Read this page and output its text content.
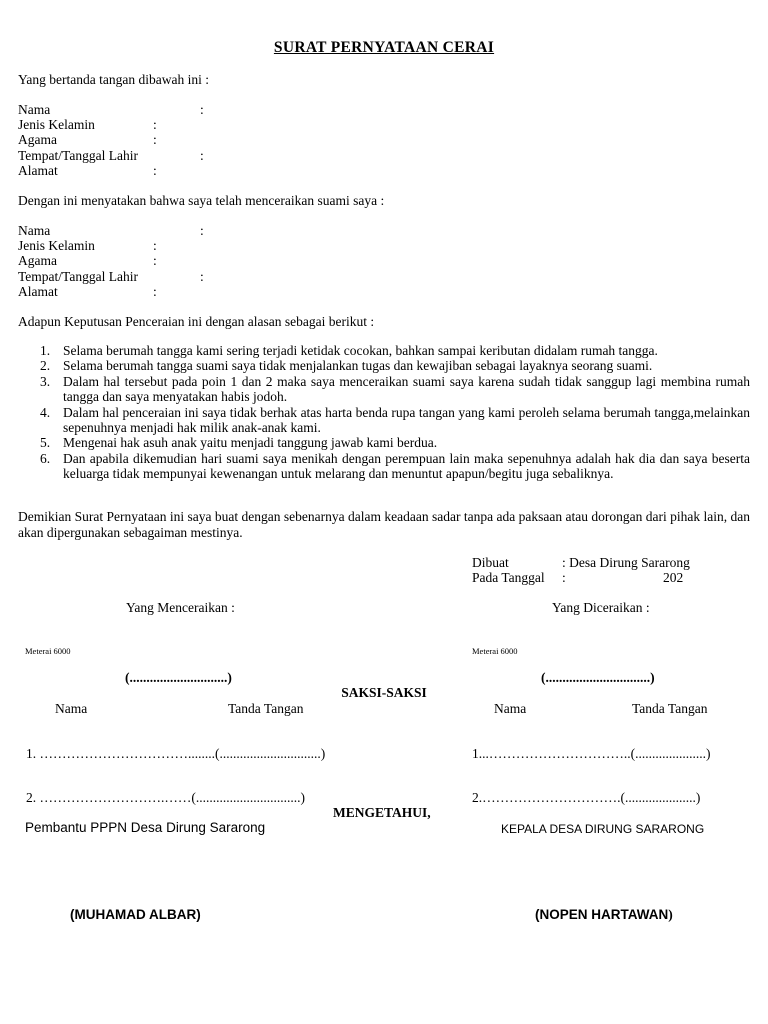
SURAT PERNYATAAN CERAI
Yang bertanda tangan dibawah ini :
Nama	:
Jenis Kelamin	:
Agama	:
Tempat/Tanggal Lahir	:
Alamat	:
Dengan ini menyatakan bahwa saya telah menceraikan suami saya :
Nama	:
Jenis Kelamin	:
Agama	:
Tempat/Tanggal Lahir	:
Alamat	:
Adapun Keputusan Penceraian ini dengan alasan sebagai berikut :
1. Selama berumah tangga kami sering terjadi ketidak cocokan, bahkan sampai keributan didalam rumah tangga.
2. Selama berumah tangga suami saya tidak menjalankan tugas dan kewajiban sebagai layaknya seorang suami.
3. Dalam hal tersebut pada poin 1 dan 2 maka saya menceraikan suami saya karena sudah tidak sanggup lagi membina rumah tangga dan saya menyatakan habis jodoh.
4. Dalam hal penceraian ini saya tidak berhak atas harta benda rupa tangan yang kami peroleh selama berumah tangga,melainkan sepenuhnya menjadi hak milik anak-anak kami.
5. Mengenai hak asuh anak yaitu menjadi tanggung jawab kami berdua.
6. Dan apabila dikemudian hari suami saya menikah dengan perempuan lain maka sepenuhnya adalah hak dia dan saya beserta keluarga tidak mempunyai kewenangan untuk melarang dan menuntut apapun/begitu juga sebaliknya.
Demikian Surat Pernyataan ini saya buat dengan sebenarnya dalam keadaan sadar tanpa ada paksaan atau dorongan dari pihak lain, dan akan dipergunakan sebagaiman mestinya.
Dibuat	: Desa Dirung Sararong
Pada Tanggal :	202
Yang Menceraikan :	Yang Diceraikan :
Meterai 6000	Meterai 6000
(.............................)	(...............................)
SAKSI-SAKSI
Nama	Tanda Tangan	Nama	Tanda Tangan
1. ……………………………........(..............................)	1...…………………………..(.....................)
2. ……………………….……(...............................)	2.………………………….(.....................)
MENGETAHUI,
Pembantu PPPN Desa Dirung Sararong	KEPALA DESA DIRUNG SARARONG
(MUHAMAD ALBAR)	(NOPEN HARTAWAN)
